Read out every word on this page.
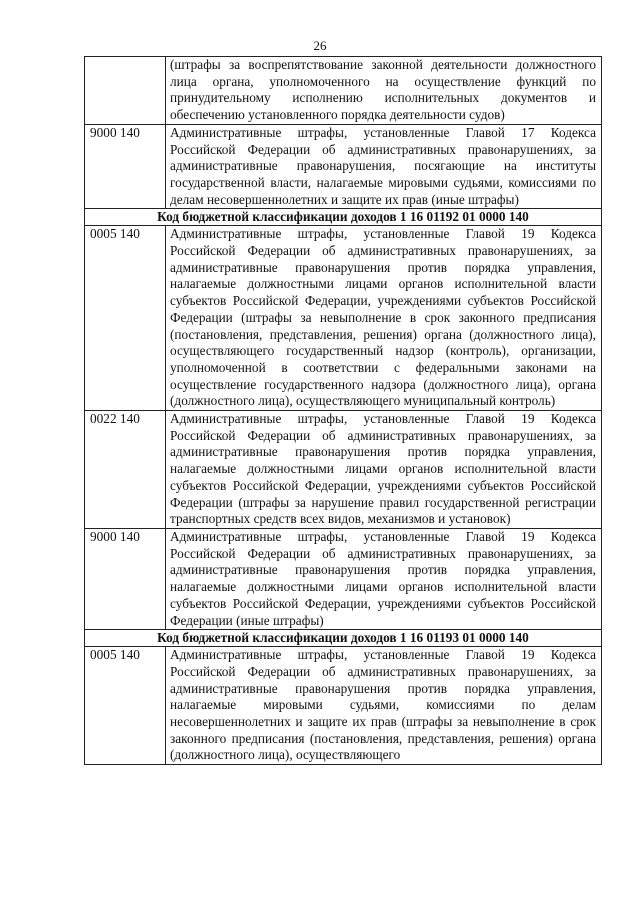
26
	(штрафы за воспрепятствование законной деятельности должностного лица органа, уполномоченного на осуществление функций по принудительному исполнению исполнительных документов и обеспечению установленного порядка деятельности судов)
9000 140	Административные штрафы, установленные Главой 17 Кодекса Российской Федерации об административных правонарушениях, за административные правонарушения, посягающие на институты государственной власти, налагаемые мировыми судьями, комиссиями по делам несовершеннолетних и защите их прав (иные штрафы)
Код бюджетной классификации доходов 1 16 01192 01 0000 140	
0005 140	Административные штрафы, установленные Главой 19 Кодекса Российской Федерации об административных правонарушениях, за административные правонарушения против порядка управления, налагаемые должностными лицами органов исполнительной власти субъектов Российской Федерации, учреждениями субъектов Российской Федерации (штрафы за невыполнение в срок законного предписания (постановления, представления, решения) органа (должностного лица), осуществляющего государственный надзор (контроль), организации, уполномоченной в соответствии с федеральными законами на осуществление государственного надзора (должностного лица), органа (должностного лица), осуществляющего муниципальный контроль)
0022 140	Административные штрафы, установленные Главой 19 Кодекса Российской Федерации об административных правонарушениях, за административные правонарушения против порядка управления, налагаемые должностными лицами органов исполнительной власти субъектов Российской Федерации, учреждениями субъектов Российской Федерации (штрафы за нарушение правил государственной регистрации транспортных средств всех видов, механизмов и установок)
9000 140	Административные штрафы, установленные Главой 19 Кодекса Российской Федерации об административных правонарушениях, за административные правонарушения против порядка управления, налагаемые должностными лицами органов исполнительной власти субъектов Российской Федерации, учреждениями субъектов Российской Федерации (иные штрафы)
Код бюджетной классификации доходов 1 16 01193 01 0000 140	
0005 140	Административные штрафы, установленные Главой 19 Кодекса Российской Федерации об административных правонарушениях, за административные правонарушения против порядка управления, налагаемые мировыми судьями, комиссиями по делам несовершеннолетних и защите их прав (штрафы за невыполнение в срок законного предписания (постановления, представления, решения) органа (должностного лица), осуществляющего
